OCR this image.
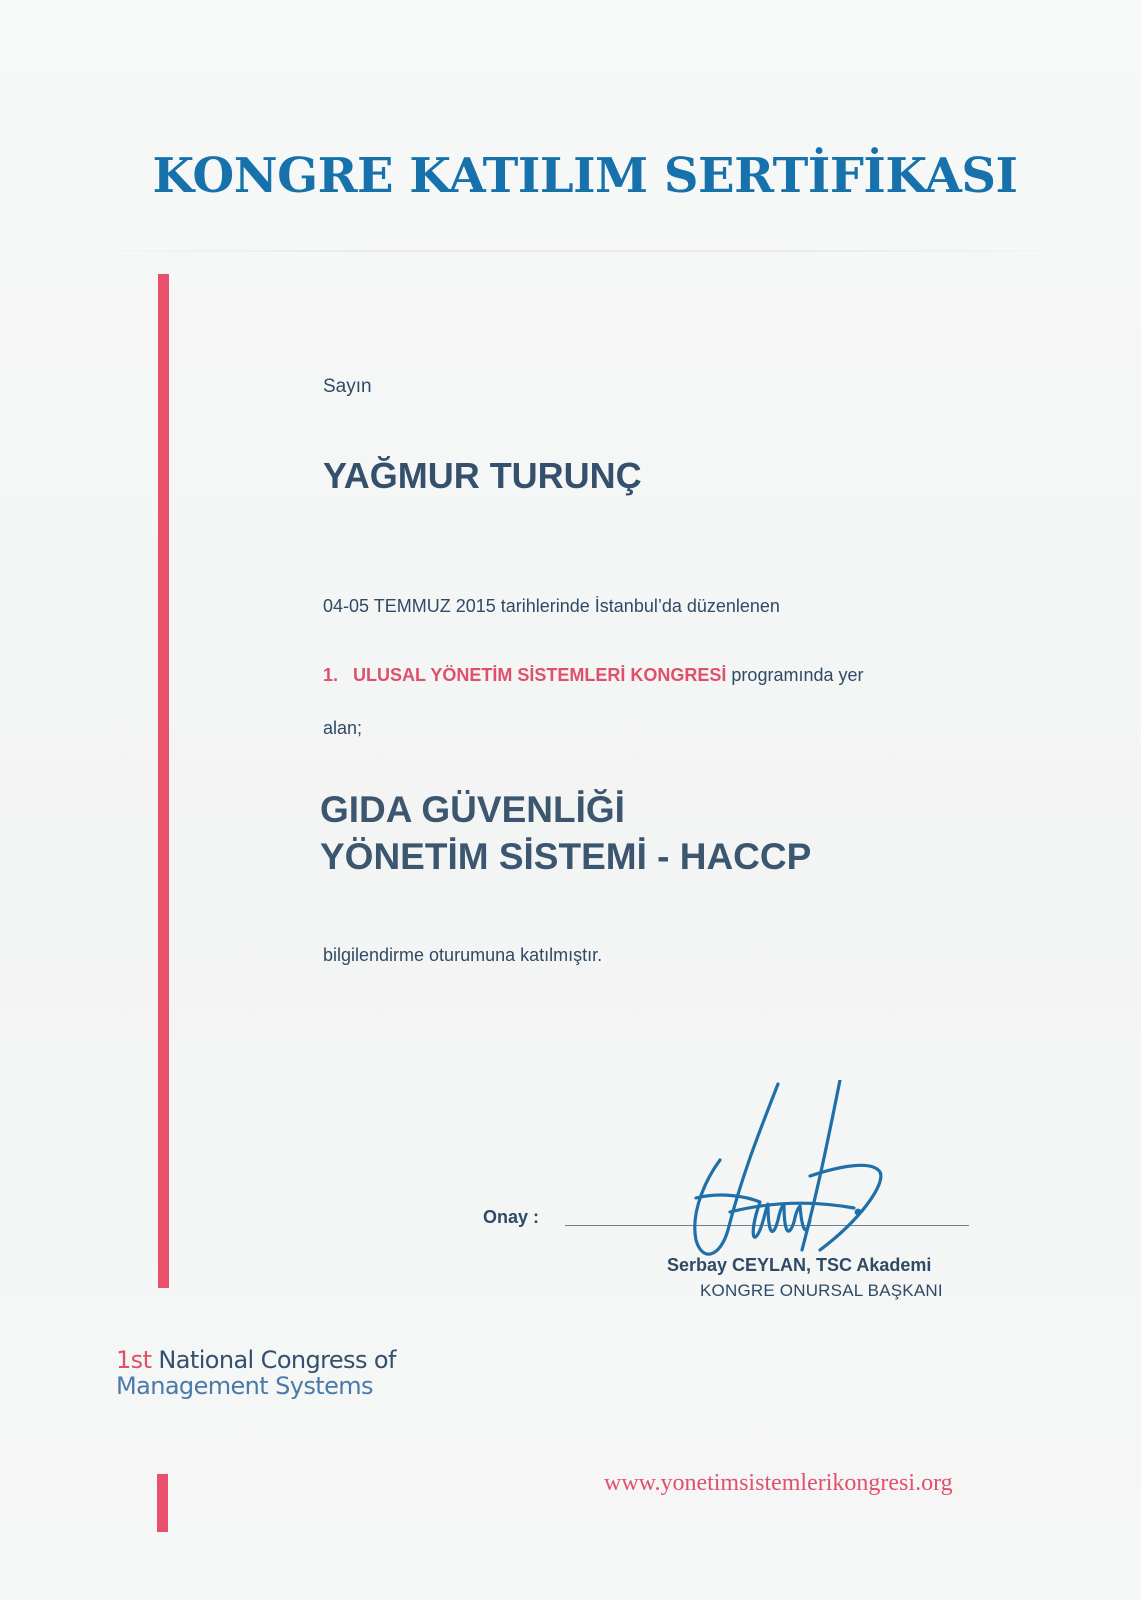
KONGRE KATILIM SERTİFİKASI
Sayın
YAĞMUR TURUNÇ
04-05 TEMMUZ 2015 tarihlerinde İstanbul’da düzenlenen
1. ULUSAL YÖNETİM SİSTEMLERİ KONGRESİ programında yer
alan;
GIDA GÜVENLİĞİ
YÖNETİM SİSTEMİ - HACCP
bilgilendirme oturumuna katılmıştır.
Onay :
Serbay CEYLAN, TSC Akademi
KONGRE ONURSAL BAŞKANI
1st National Congress of
Management Systems
www.yonetimsistemlerikongresi.org
